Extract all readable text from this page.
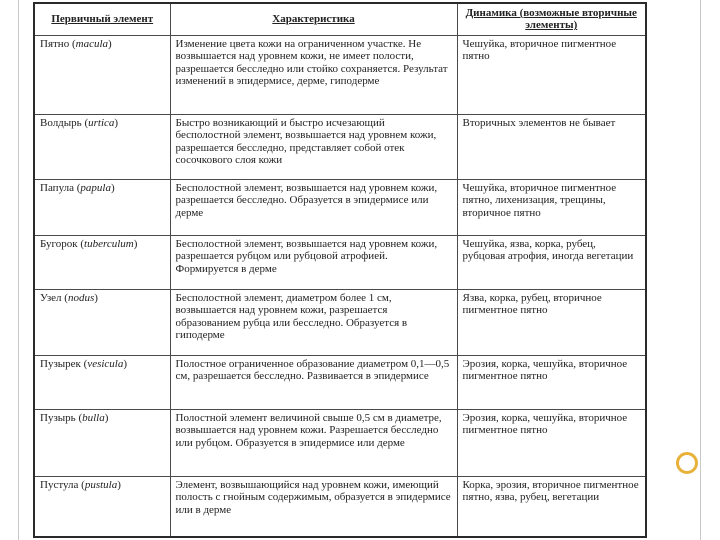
Первичный элемент	Характеристика	Динамика (возможные вторичные элементы)
Пятно (macula)	Изменение цвета кожи на ограниченном участке. Не возвышается над уровнем кожи, не имеет полости, разрешается бесследно или стойко сохраняется. Результат изменений в эпидермисе, дерме, гиподерме	Чешуйка, вторичное пигментное пятно
Волдырь (urtica)	Быстро возникающий и быстро исчезающий бесполостной элемент, возвышается над уровнем кожи, разрешается бесследно, представляет собой отек сосочкового слоя кожи	Вторичных элементов не бывает
Папула (papula)	Бесполостной элемент, возвышается над уровнем кожи, разрешается бесследно. Образуется в эпидермисе или дерме	Чешуйка, вторичное пигментное пятно, лихенизация, трещины, вторичное пятно
Бугорок (tuberculum)	Бесполостной элемент, возвышается над уровнем кожи, разрешается рубцом или рубцовой атрофией. Формируется в дерме	Чешуйка, язва, корка, рубец, рубцовая атрофия, иногда вегетации
Узел (nodus)	Бесполостной элемент, диаметром более 1 см, возвышается над уровнем кожи, разрешается образованием рубца или бесследно. Образуется в гиподерме	Язва, корка, рубец, вторичное пигментное пятно
Пузырек (vesicula)	Полостное ограниченное образование диаметром 0,1—0,5 см, разрешается бесследно. Развивается в эпидермисе	Эрозия, корка, чешуйка, вторичное пигментное пятно
Пузырь (bulla)	Полостной элемент величиной свыше 0,5 см в диаметре, возвышается над уровнем кожи. Разрешается бесследно или рубцом. Образуется в эпидермисе или дерме	Эрозия, корка, чешуйка, вторичное пигментное пятно
Пустула (pustula)	Элемент, возвышающийся над уровнем кожи, имеющий полость с гнойным содержимым, образуется в эпидермисе или в дерме	Корка, эрозия, вторичное пигментное пятно, язва, рубец, вегетации
